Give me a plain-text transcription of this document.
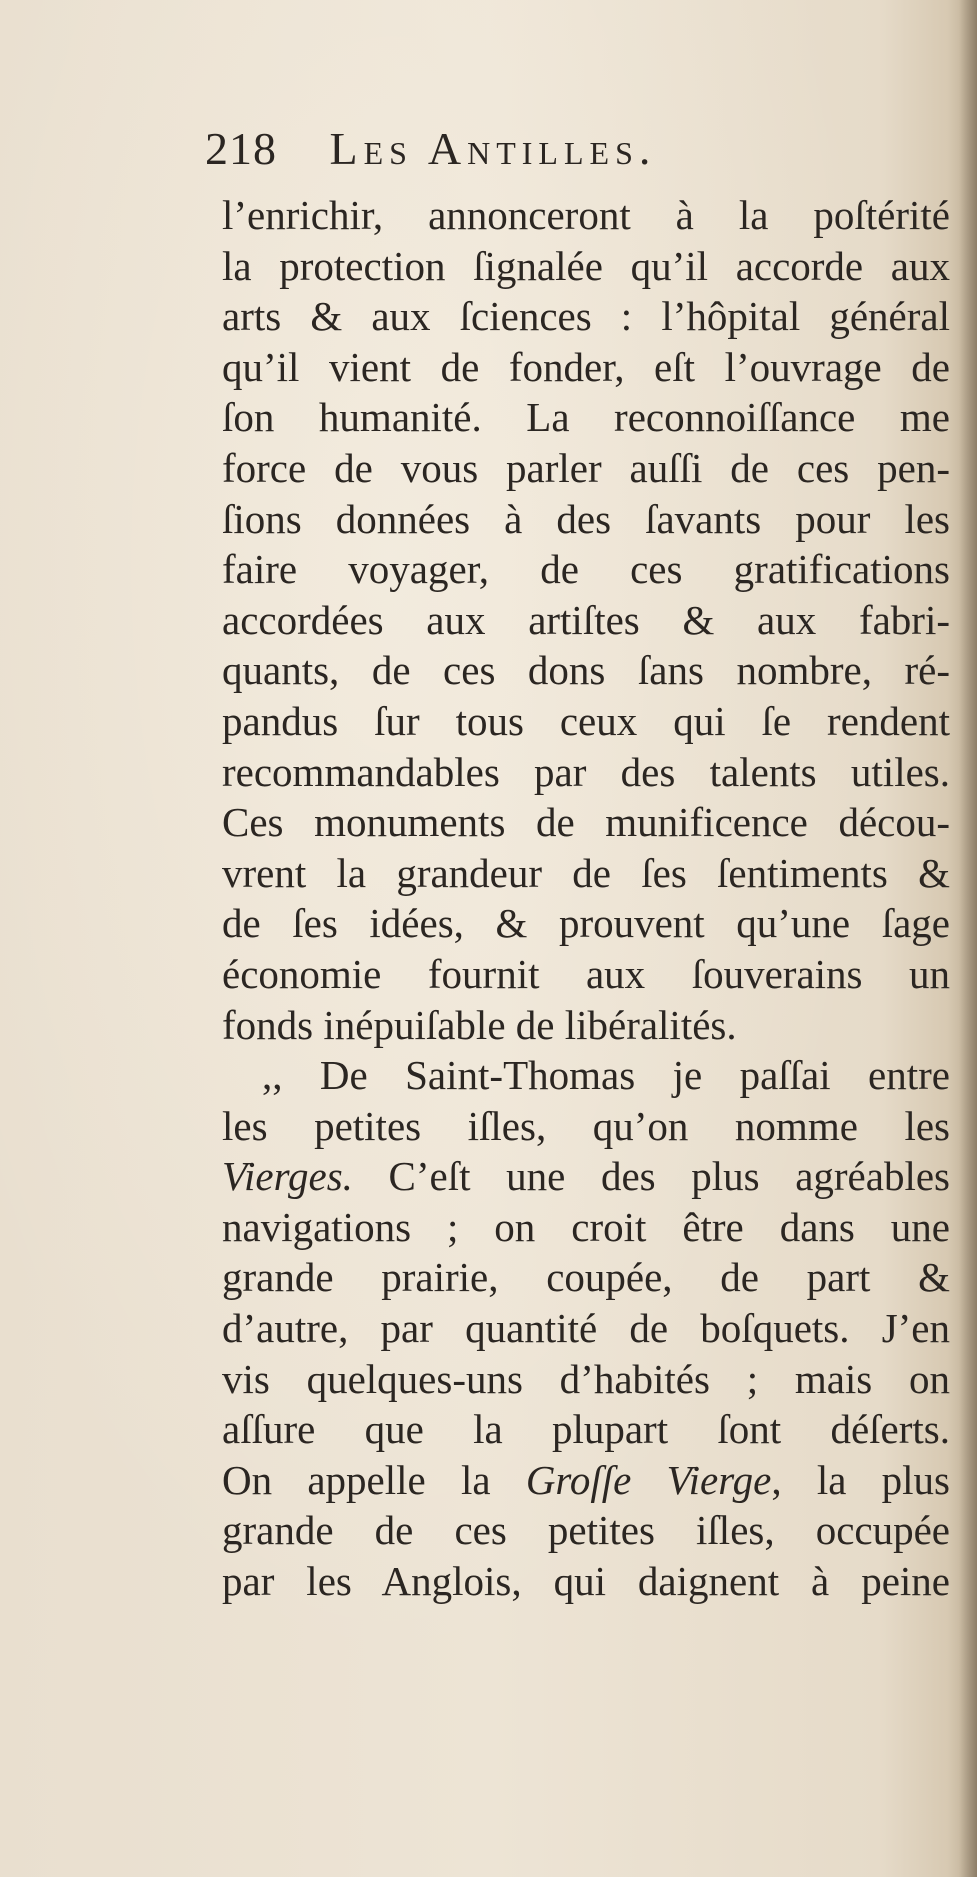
218 Les Antilles.
l’enrichir, annonceront à la poſtérité
la protection ſignalée qu’il accorde aux
arts & aux ſciences : l’hôpital général
qu’il vient de fonder, eſt l’ouvrage de
ſon humanité. La reconnoiſſance me
force de vous parler auſſi de ces pen-
ſions données à des ſavants pour les
faire voyager, de ces gratifications
accordées aux artiſtes & aux fabri-
quants, de ces dons ſans nombre, ré-
pandus ſur tous ceux qui ſe rendent
recommandables par des talents utiles.
Ces monuments de munificence décou-
vrent la grandeur de ſes ſentiments &
de ſes idées, & prouvent qu’une ſage
économie fournit aux ſouverains un
fonds inépuiſable de libéralités.
,, De Saint-Thomas je paſſai entre
les petites iſles, qu’on nomme les
Vierges. C’eſt une des plus agréables
navigations ; on croit être dans une
grande prairie, coupée, de part &
d’autre, par quantité de boſquets. J’en
vis quelques-uns d’habités ; mais on
aſſure que la plupart ſont déſerts.
On appelle la Groſſe Vierge, la plus
grande de ces petites iſles, occupée
par les Anglois, qui daignent à peine
